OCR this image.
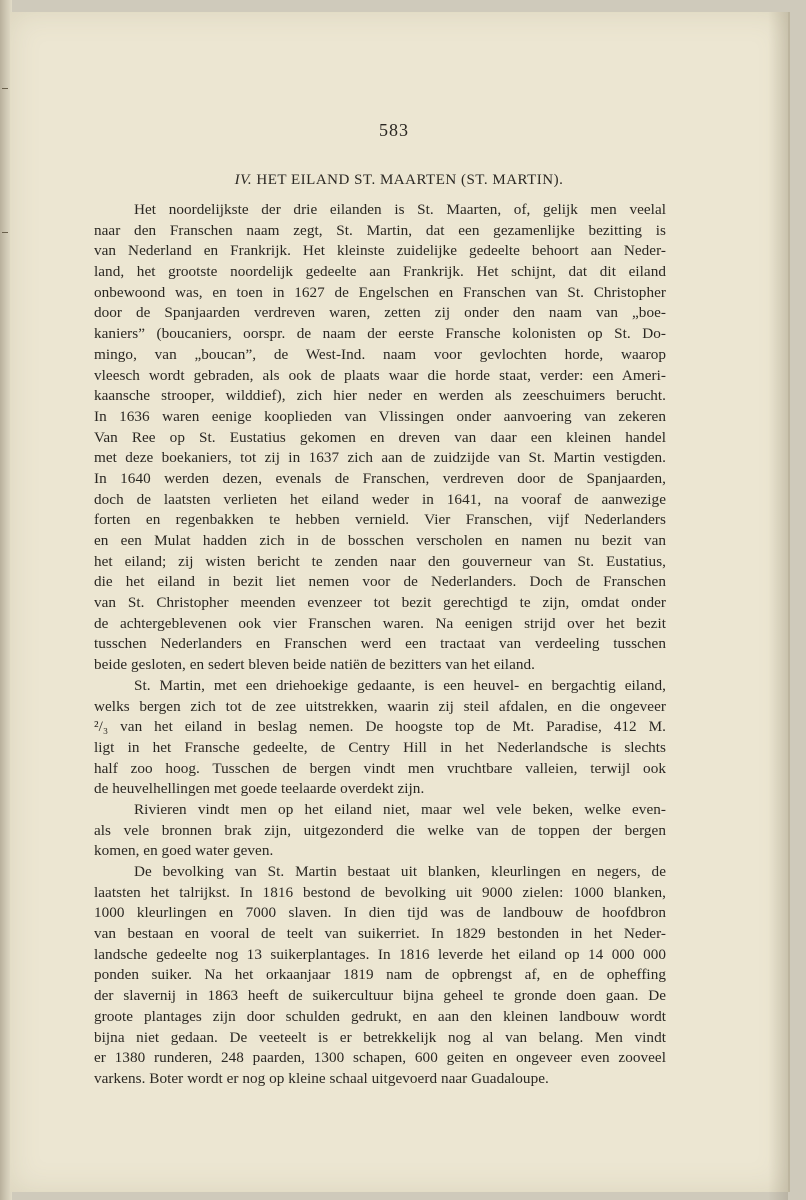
583
IV. HET EILAND ST. MAARTEN (ST. MARTIN).
Het noordelijkste der drie eilanden is St. Maarten, of, gelijk men veelal
naar den Franschen naam zegt, St. Martin, dat een gezamenlijke bezitting is
van Nederland en Frankrijk. Het kleinste zuidelijke gedeelte behoort aan Neder-
land, het grootste noordelijk gedeelte aan Frankrijk. Het schijnt, dat dit eiland
onbewoond was, en toen in 1627 de Engelschen en Franschen van St. Christopher
door de Spanjaarden verdreven waren, zetten zij onder den naam van „boe-
kaniers” (boucaniers, oorspr. de naam der eerste Fransche kolonisten op St. Do-
mingo, van „boucan”, de West-Ind. naam voor gevlochten horde, waarop
vleesch wordt gebraden, als ook de plaats waar die horde staat, verder: een Ameri-
kaansche strooper, wilddief), zich hier neder en werden als zeeschuimers berucht.
In 1636 waren eenige kooplieden van Vlissingen onder aanvoering van zekeren
Van Ree op St. Eustatius gekomen en dreven van daar een kleinen handel
met deze boekaniers, tot zij in 1637 zich aan de zuidzijde van St. Martin vestigden.
In 1640 werden dezen, evenals de Franschen, verdreven door de Spanjaarden,
doch de laatsten verlieten het eiland weder in 1641, na vooraf de aanwezige
forten en regenbakken te hebben vernield. Vier Franschen, vijf Nederlanders
en een Mulat hadden zich in de bosschen verscholen en namen nu bezit van
het eiland; zij wisten bericht te zenden naar den gouverneur van St. Eustatius,
die het eiland in bezit liet nemen voor de Nederlanders. Doch de Franschen
van St. Christopher meenden evenzeer tot bezit gerechtigd te zijn, omdat onder
de achtergeblevenen ook vier Franschen waren. Na eenigen strijd over het bezit
tusschen Nederlanders en Franschen werd een tractaat van verdeeling tusschen
beide gesloten, en sedert bleven beide natiën de bezitters van het eiland.
St. Martin, met een driehoekige gedaante, is een heuvel- en bergachtig eiland,
welks bergen zich tot de zee uitstrekken, waarin zij steil afdalen, en die ongeveer
²/₃ van het eiland in beslag nemen. De hoogste top de Mt. Paradise, 412 M.
ligt in het Fransche gedeelte, de Centry Hill in het Nederlandsche is slechts
half zoo hoog. Tusschen de bergen vindt men vruchtbare valleien, terwijl ook
de heuvelhellingen met goede teelaarde overdekt zijn.
Rivieren vindt men op het eiland niet, maar wel vele beken, welke even-
als vele bronnen brak zijn, uitgezonderd die welke van de toppen der bergen
komen, en goed water geven.
De bevolking van St. Martin bestaat uit blanken, kleurlingen en negers, de
laatsten het talrijkst. In 1816 bestond de bevolking uit 9000 zielen: 1000 blanken,
1000 kleurlingen en 7000 slaven. In dien tijd was de landbouw de hoofdbron
van bestaan en vooral de teelt van suikerriet. In 1829 bestonden in het Neder-
landsche gedeelte nog 13 suikerplantages. In 1816 leverde het eiland op 14 000 000
ponden suiker. Na het orkaanjaar 1819 nam de opbrengst af, en de opheffing
der slavernij in 1863 heeft de suikercultuur bijna geheel te gronde doen gaan. De
groote plantages zijn door schulden gedrukt, en aan den kleinen landbouw wordt
bijna niet gedaan. De veeteelt is er betrekkelijk nog al van belang. Men vindt
er 1380 runderen, 248 paarden, 1300 schapen, 600 geiten en ongeveer even zooveel
varkens. Boter wordt er nog op kleine schaal uitgevoerd naar Guadaloupe.
